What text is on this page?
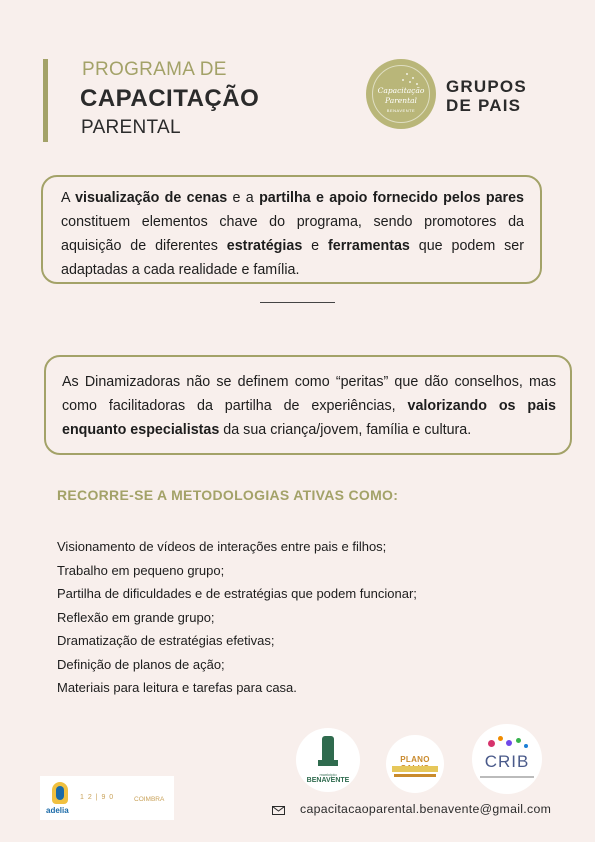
PROGRAMA DE
CAPACITAÇÃO
PARENTAL
Capacitação
Parental
BENAVENTE
GRUPOS
DE PAIS

A visualização de cenas e a partilha e apoio fornecido pelos pares constituem elementos chave do programa, sendo promotores da aquisição de diferentes estratégias e ferramentas que podem ser adaptadas a cada realidade e família.

As Dinamizadoras não se definem como “peritas” que dão conselhos, mas como facilitadoras da partilha de experiências, valorizando os pais enquanto especialistas da sua criança/jovem, família e cultura.

RECORRE-SE A METODOLOGIAS ATIVAS COMO:
Visionamento de vídeos de interações entre pais e filhos;
Trabalho em pequeno grupo;
Partilha de dificuldades e de estratégias que podem funcionar;
Reflexão em grande grupo;
Dramatização de estratégias efetivas;
Definição de planos de ação;
Materiais para leitura e tarefas para casa.
município
BENAVENTE
PLANO	CRIB
adelia
1 2 | 9 0	COIMBRA
capacitacaoparental.benavente@gmail.com
